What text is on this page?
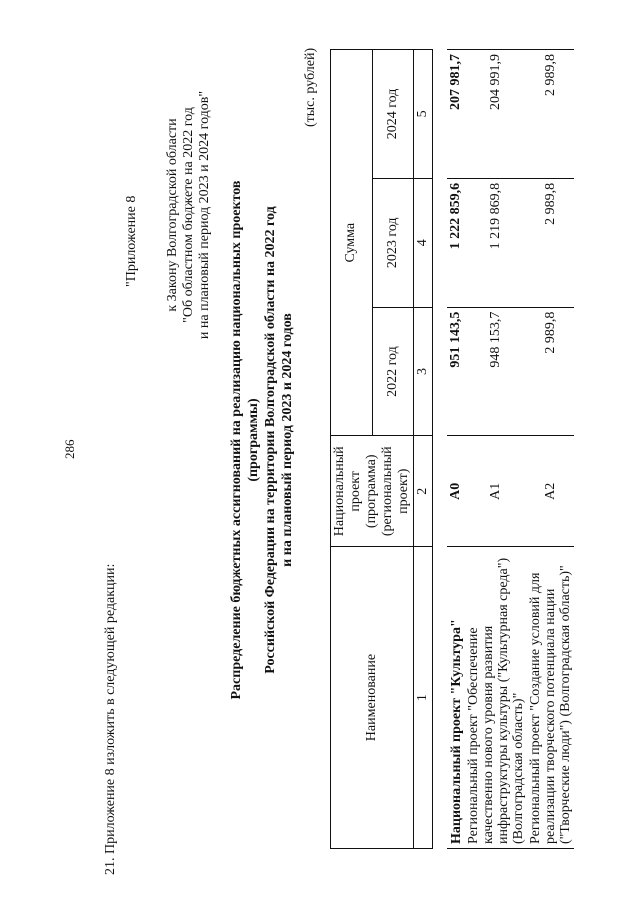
286
21. Приложение 8 изложить в следующей редакции:
"Приложение 8 к Закону Волгоградской области "Об областном бюджете на 2022 год и на плановый период 2023 и 2024 годов" Распределение бюджетных ассигнований на реализацию национальных проектов (программы) Российской Федерации на территории Волгоградской области на 2022 год и на плановый период 2023 и 2024 годов
(тыс. рублей)
Наименование	Национальный проект (программа) (региональный проект)	Сумма		
		2022 год	2023 год	2024 год
1	2	3	4	5

Национальный проект "Культура"	A0	951 143,5	1 222 859,6	207 981,7
Региональный проект "Обеспечение качественно нового уровня развития инфраструктуры культуры ("Культурная среда") (Волгоградская область)"	A1	948 153,7	1 219 869,8	204 991,9
Региональный проект "Создание условий для реализации творческого потенциала нации ("Творческие люди") (Волгоградская область)"	A2	2 989,8	2 989,8	2 989,8
